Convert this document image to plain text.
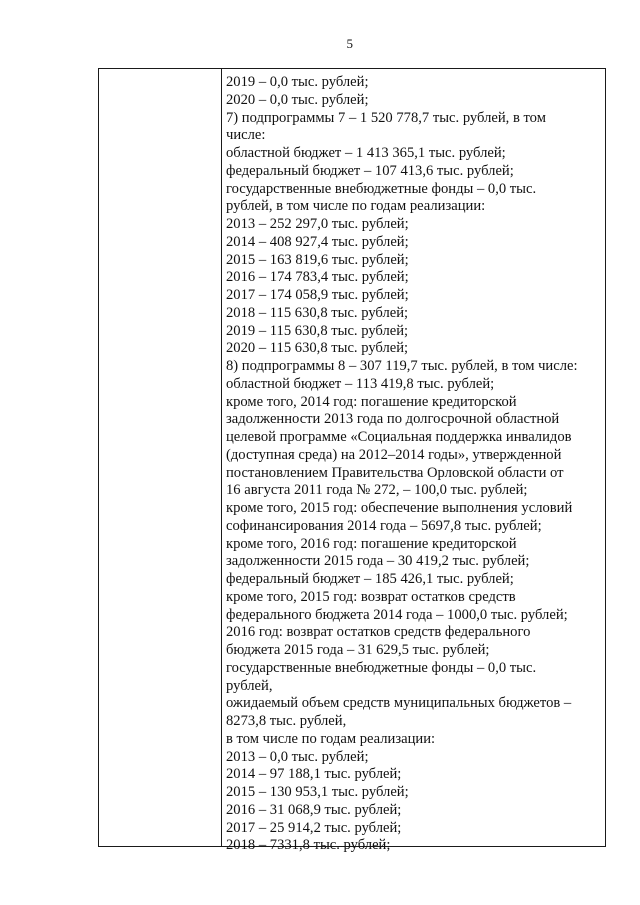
5
2019 – 0,0 тыс. рублей;
2020 – 0,0 тыс. рублей;
7) подпрограммы 7 – 1 520 778,7 тыс. рублей, в том
числе:
областной бюджет – 1 413 365,1 тыс. рублей;
федеральный бюджет – 107 413,6 тыс. рублей;
государственные внебюджетные фонды – 0,0 тыс.
рублей, в том числе по годам реализации:
2013 – 252 297,0 тыс. рублей;
2014 – 408 927,4 тыс. рублей;
2015 – 163 819,6 тыс. рублей;
2016 – 174 783,4 тыс. рублей;
2017 – 174 058,9 тыс. рублей;
2018 – 115 630,8 тыс. рублей;
2019 – 115 630,8 тыс. рублей;
2020 – 115 630,8 тыс. рублей;
8) подпрограммы 8 – 307 119,7 тыс. рублей, в том числе:
областной бюджет – 113 419,8 тыс. рублей;
кроме того, 2014 год: погашение кредиторской
задолженности 2013 года по долгосрочной областной
целевой программе «Социальная поддержка инвалидов
(доступная среда) на 2012–2014 годы», утвержденной
постановлением Правительства Орловской области от
16 августа 2011 года № 272, – 100,0 тыс. рублей;
кроме того, 2015 год: обеспечение выполнения условий
софинансирования 2014 года – 5697,8 тыс. рублей;
кроме того, 2016 год: погашение кредиторской
задолженности 2015 года – 30 419,2 тыс. рублей;
федеральный бюджет – 185 426,1 тыс. рублей;
кроме того, 2015 год: возврат остатков средств
федерального бюджета 2014 года – 1000,0 тыс. рублей;
2016 год: возврат остатков средств федерального
бюджета 2015 года – 31 629,5 тыс. рублей;
государственные внебюджетные фонды – 0,0 тыс.
рублей,
ожидаемый объем средств муниципальных бюджетов –
8273,8 тыс. рублей,
в том числе по годам реализации:
2013 – 0,0 тыс. рублей;
2014 – 97 188,1 тыс. рублей;
2015 – 130 953,1 тыс. рублей;
2016 – 31 068,9 тыс. рублей;
2017 – 25 914,2 тыс. рублей;
2018 – 7331,8 тыс. рублей;
